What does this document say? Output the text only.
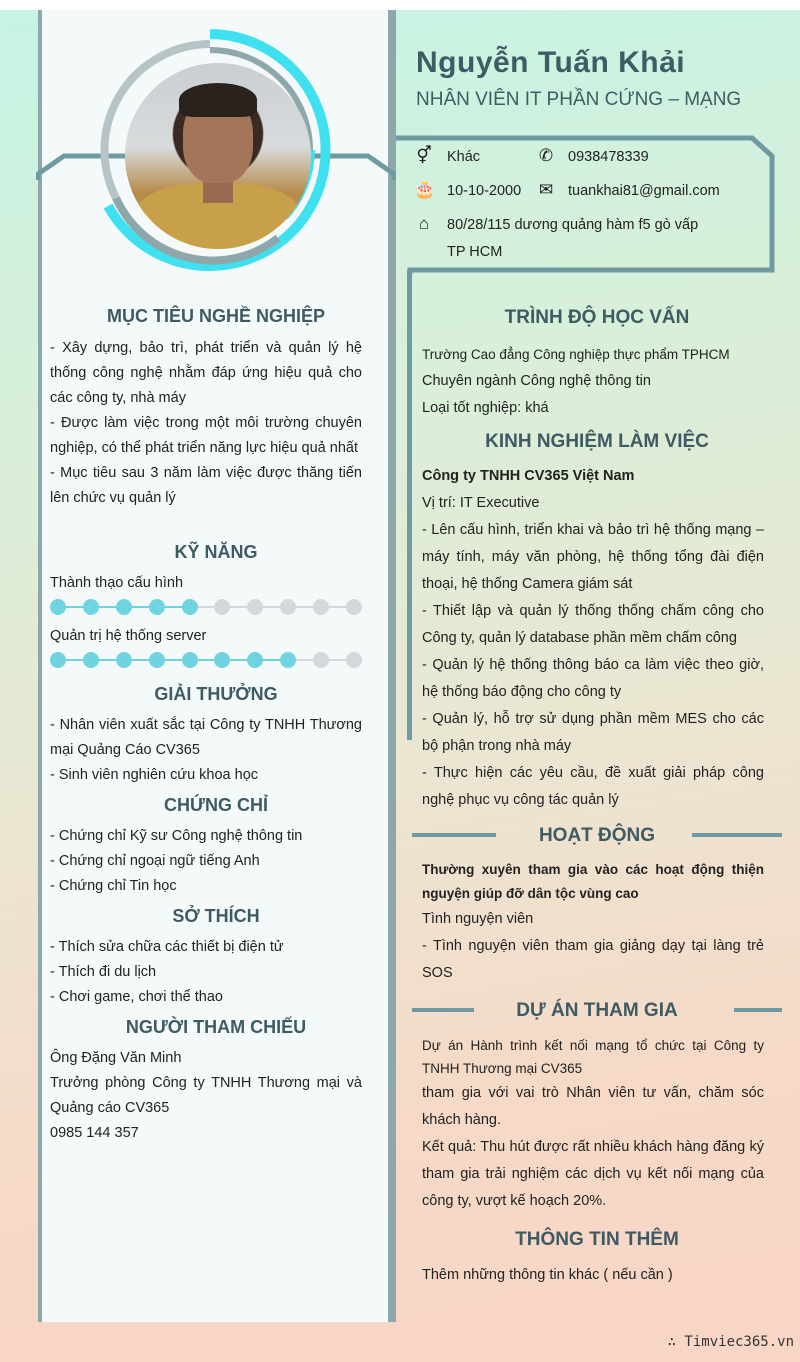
MỤC TIÊU NGHỀ NGHIỆP
- Xây dựng, bảo trì, phát triển và quản lý hệ thống công nghệ nhằm đáp ứng hiệu quả cho các công ty, nhà máy
- Được làm việc trong một môi trường chuyên nghiệp, có thể phát triển năng lực hiệu quả nhất
- Mục tiêu sau 3 năm làm việc được thăng tiến lên chức vụ quản lý
KỸ NĂNG
Thành thạo cấu hình
Quản trị hệ thống server
GIẢI THƯỞNG
- Nhân viên xuất sắc tại Công ty TNHH Thương mại Quảng Cáo CV365
- Sinh viên nghiên cứu khoa học
CHỨNG CHỈ
- Chứng chỉ Kỹ sư Công nghệ thông tin
- Chứng chỉ ngoại ngữ tiếng Anh
- Chứng chỉ Tin học
SỞ THÍCH
- Thích sửa chữa các thiết bị điện tử
- Thích đi du lịch
- Chơi game, chơi thể thao
NGƯỜI THAM CHIẾU
Ông Đặng Văn Minh
Trưởng phòng Công ty TNHH Thương mại và Quảng cáo CV365
0985 144 357
Nguyễn Tuấn Khải
NHÂN VIÊN IT PHẦN CỨNG – MẠNG
⚥ Khác	✆ 0938478339
🎂 10-10-2000 ✉ tuankhai81@gmail.com
⌂	80/28/115 dương quảng hàm f5 gò vấp
TP HCM
TRÌNH ĐỘ HỌC VẤN
Trường Cao đẳng Công nghiệp thực phẩm TPHCM
Chuyên ngành Công nghệ thông tin
Loại tốt nghiệp: khá
KINH NGHIỆM LÀM VIỆC
Công ty TNHH CV365 Việt Nam
Vị trí: IT Executive
- Lên cấu hình, triển khai và bảo trì hệ thống mạng – máy tính, máy văn phòng, hệ thống tổng đài điện thoại, hệ thống Camera giám sát
- Thiết lập và quản lý thống thống chấm công cho Công ty, quản lý database phần mềm chấm công
- Quản lý hệ thống thông báo ca làm việc theo giờ, hệ thống báo động cho công ty
- Quản lý, hỗ trợ sử dụng phần mềm MES cho các bộ phận trong nhà máy
- Thực hiện các yêu cầu, đề xuất giải pháp công nghệ phục vụ công tác quản lý
HOẠT ĐỘNG
Thường xuyên tham gia vào các hoạt động thiện nguyện giúp đỡ dân tộc vùng cao
Tình nguyện viên
- Tình nguyện viên tham gia giảng dạy tại làng trẻ SOS
DỰ ÁN THAM GIA
Dự án Hành trình kết nối mạng tổ chức tại Công ty TNHH Thương mại CV365
tham gia với vai trò Nhân viên tư vấn, chăm sóc khách hàng.
Kết quả: Thu hút được rất nhiều khách hàng đăng ký tham gia trải nghiệm các dịch vụ kết nối mạng của công ty, vượt kế hoạch 20%.
THÔNG TIN THÊM
Thêm những thông tin khác ( nếu cần )
∴ Timviec365.vn
